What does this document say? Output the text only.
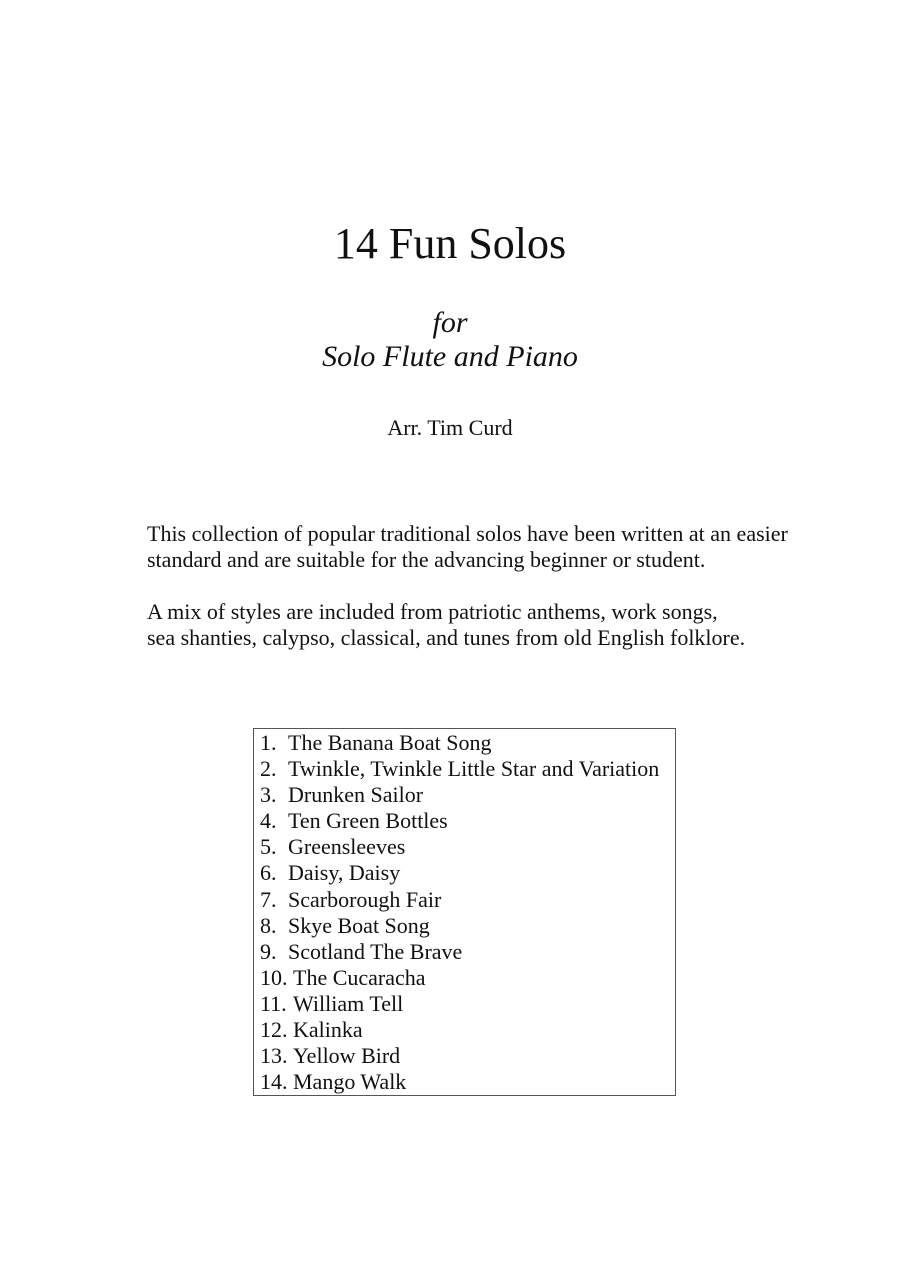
14 Fun Solos
for
Solo Flute and Piano
Arr. Tim Curd
This collection of popular traditional solos have been written at an easier
standard and are suitable for the advancing beginner or student.
A mix of styles are included from patriotic anthems, work songs,
sea shanties, calypso, classical, and tunes from old English folklore.
1. The Banana Boat Song
2. Twinkle, Twinkle Little Star and Variation
3. Drunken Sailor
4. Ten Green Bottles
5. Greensleeves
6. Daisy, Daisy
7. Scarborough Fair
8. Skye Boat Song
9. Scotland The Brave
10. The Cucaracha
11. William Tell
12. Kalinka
13. Yellow Bird
14. Mango Walk
